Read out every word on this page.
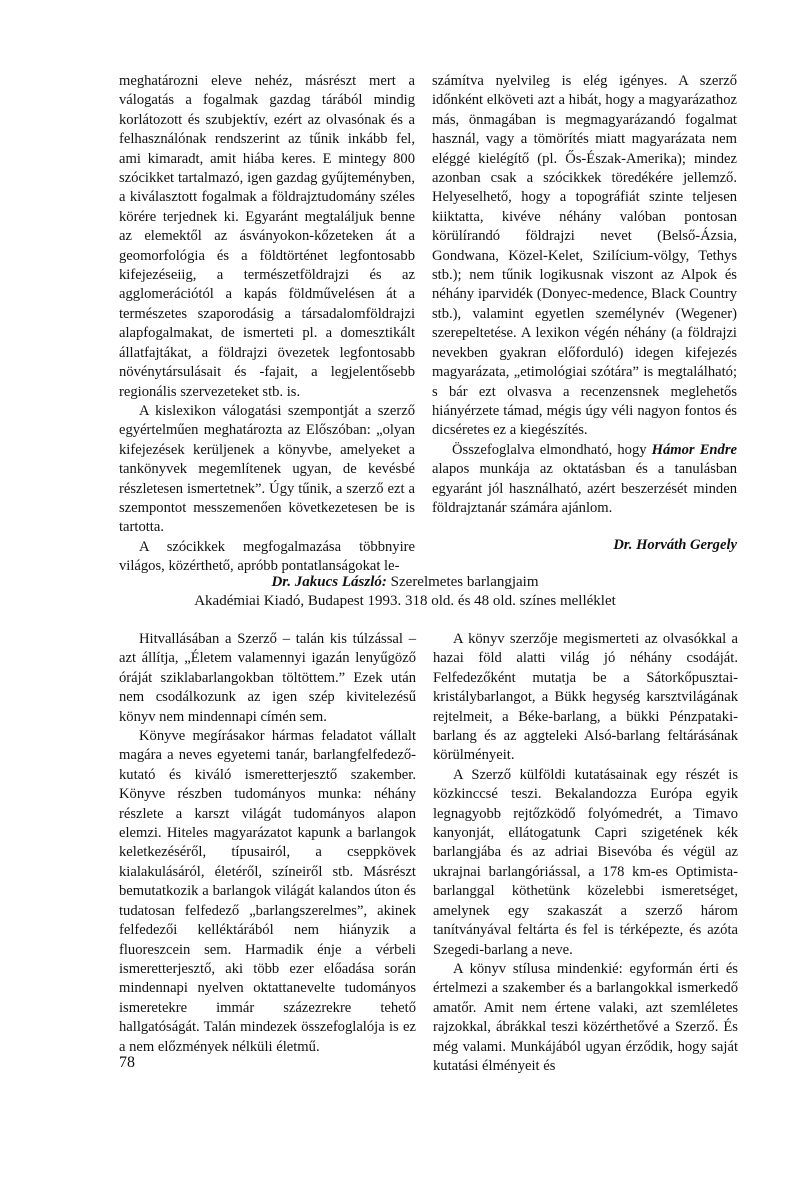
meghatározni eleve nehéz, másrészt mert a válogatás a fogalmak gazdag tárából mindig korlátozott és szubjektív, ezért az olvasónak és a felhasználónak rendszerint az tűnik inkább fel, ami kimaradt, amit hiába keres. E mintegy 800 szócikket tartalmazó, igen gazdag gyűjteményben, a kiválasztott fogalmak a földrajztudomány széles körére terjednek ki. Egyaránt megtaláljuk benne az elemektől az ásványokon-kőzeteken át a geomorfológia és a földtörténet legfontosabb kifejezéseiig, a természetföldrajzi és az agglomerációtól a kapás földművelésen át a természetes szaporodásig a társadalomföldrajzi alapfogalmakat, de ismerteti pl. a domesztikált állatfajtákat, a földrajzi övezetek legfontosabb növénytársulásait és -fajait, a legjelentősebb regionális szervezeteket stb. is.

A kislexikon válogatási szempontját a szerző egyértelműen meghatározta az Előszóban: „olyan kifejezések kerüljenek a könyvbe, amelyeket a tankönyvek megemlítenek ugyan, de kevésbé részletesen ismertetnek”. Úgy tűnik, a szerző ezt a szempontot messzemenően következetesen be is tartotta.

A szócikkek megfogalmazása többnyire világos, közérthető, apróbb pontatlanságokat le-

számítva nyelvileg is elég igényes. A szerző időnként elköveti azt a hibát, hogy a magyarázathoz más, önmagában is megmagyarázandó fogalmat használ, vagy a tömörítés miatt magyarázata nem eléggé kielégítő (pl. Ős-Észak-Amerika); mindez azonban csak a szócikkek töredékére jellemző. Helyeselhető, hogy a topográfiát szinte teljesen kiiktatta, kivéve néhány valóban pontosan körülírandó földrajzi nevet (Belső-Ázsia, Gondwana, Közel-Kelet, Szilícium-völgy, Tethys stb.); nem tűnik logikusnak viszont az Alpok és néhány iparvidék (Donyec-medence, Black Country stb.), valamint egyetlen személynév (Wegener) szerepeltetése. A lexikon végén néhány (a földrajzi nevekben gyakran előforduló) idegen kifejezés magyarázata, „etimológiai szótára” is megtalálható; s bár ezt olvasva a recenzensnek meglehetős hiányérzete támad, mégis úgy véli nagyon fontos és dicséretes ez a kiegészítés.

Összefoglalva elmondható, hogy Hámor Endre alapos munkája az oktatásban és a tanulásban egyaránt jól használható, azért beszerzését minden földrajztanár számára ajánlom.

Dr. Horváth Gergely

Dr. Jakucs László: Szerelmetes barlangjaim
Akadémiai Kiadó, Budapest 1993. 318 old. és 48 old. színes melléklet

Hitvallásában a Szerző – talán kis túlzással – azt állítja, „Életem valamennyi igazán lenyűgöző óráját sziklabarlangokban töltöttem.” Ezek után nem csodálkozunk az igen szép kivitelezésű könyv nem mindennapi címén sem.

Könyve megírásakor hármas feladatot vállalt magára a neves egyetemi tanár, barlangfelfedező-kutató és kiváló ismeretterjesztő szakember. Könyve részben tudományos munka: néhány részlete a karszt világát tudományos alapon elemzi. Hiteles magyarázatot kapunk a barlangok keletkezéséről, típusairól, a cseppkövek kialakulásáról, életéről, színeiről stb. Másrészt bemutatkozik a barlangok világát kalandos úton és tudatosan felfedező „barlangszerelmes”, akinek felfedezői kelléktárából nem hiányzik a fluoreszcein sem. Harmadik énje a vérbeli ismeretterjesztő, aki több ezer előadása során mindennapi nyelven oktattanevelte tudományos ismeretekre immár százezrekre tehető hallgatóságát. Talán mindezek összefoglalója is ez a nem előzmények nélküli életmű.

A könyv szerzője megismerteti az olvasókkal a hazai föld alatti világ jó néhány csodáját. Felfedezőként mutatja be a Sátorkőpusztai-kristálybarlangot, a Bükk hegység karsztvilágának rejtelmeit, a Béke-barlang, a bükki Pénzpataki-barlang és az aggteleki Alsó-barlang feltárásának körülményeit.

A Szerző külföldi kutatásainak egy részét is közkinccsé teszi. Bekalandozza Európa egyik legnagyobb rejtőzködő folyómedrét, a Timavo kanyonját, ellátogatunk Capri szigetének kék barlangjába és az adriai Bisevóba és végül az ukrajnai barlangóriással, a 178 km-es Optimista-barlanggal köthetünk közelebbi ismeretséget, amelynek egy szakaszát a szerző három tanítványával feltárta és fel is térképezte, és azóta Szegedi-barlang a neve.

A könyv stílusa mindenkié: egyformán érti és értelmezi a szakember és a barlangokkal ismerkedő amatőr. Amit nem értene valaki, azt szemléletes rajzokkal, ábrákkal teszi közérthetővé a Szerző. És még valami. Munkájából ugyan érződik, hogy saját kutatási élményeit és

78
